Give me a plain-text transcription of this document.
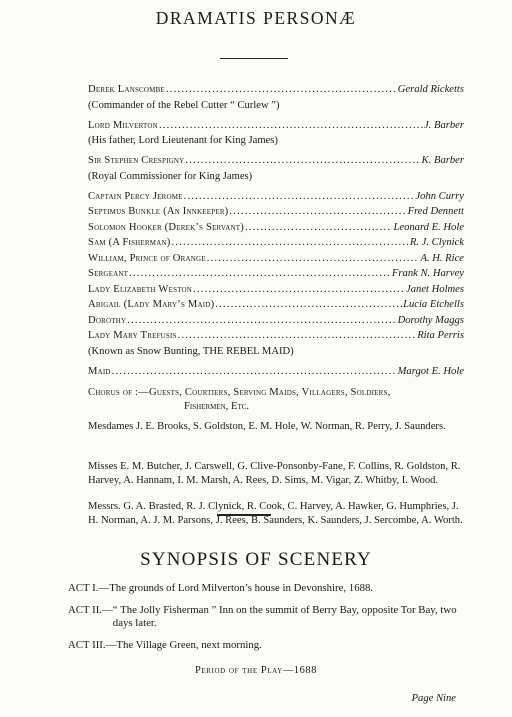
DRAMATIS PERSONÆ
Derek Lanscombe .....	Gerald Ricketts
(Commander of the Rebel Cutter “ Curlew ”)
Lord Milverton .....	J. Barber
(His father, Lord Lieutenant for King James)
Sir Stephen Crespigny .....	K. Barber
(Royal Commissioner for King James)
Captain Percy Jerome .....	John Curry
Septimus Bunkle (An Innkeeper) .....	Fred Dennett
Solomon Hooker (Derek’s Servant) .....	Leonard E. Hole
Sam (A Fisherman) .....	R. J. Clynick
William, Prince of Orange .....	A. H. Rice
Sergeant .....	Frank N. Harvey
Lady Elizabeth Weston .....	Janet Holmes
Abigail (Lady Mary’s Maid) .....	Lucia Etchells
Dorothy .....	Dorothy Maggs
Lady Mary Trefusis .....	Rita Perris
(Known as Snow Bunting, THE REBEL MAID)
Maid .....	Margot E. Hole
Chorus of :—Guests, Courtiers, Serving Maids, Villagers, Soldiers,
Fishermen, Etc.
Mesdames J. E. Brooks, S. Goldston, E. M. Hole, W. Norman, R. Perry, J. Saunders.
Misses E. M. Butcher, J. Carswell, G. Clive-Ponsonby-Fane, F. Collins, R. Goldston, R. Harvey, A. Hannam, I. M. Marsh, A. Rees, D. Sims, M. Vigar, Z. Whitby, I. Wood.
Messrs. G. A. Brasted, R. J. Clynick, R. Cook, C. Harvey, A. Hawker, G. Humphries, J. H. Norman, A. J. M. Parsons, J. Rees, B. Saunders, K. Saunders, J. Sercombe, A. Worth.
SYNOPSIS OF SCENERY
ACT I.— The grounds of Lord Milverton’s house in Devonshire, 1688.
ACT II.— “ The Jolly Fisherman ” Inn on the summit of Berry Bay, opposite Tor Bay, two days later.
ACT III.— The Village Green, next morning.
Period of the Play—1688
Page Nine
